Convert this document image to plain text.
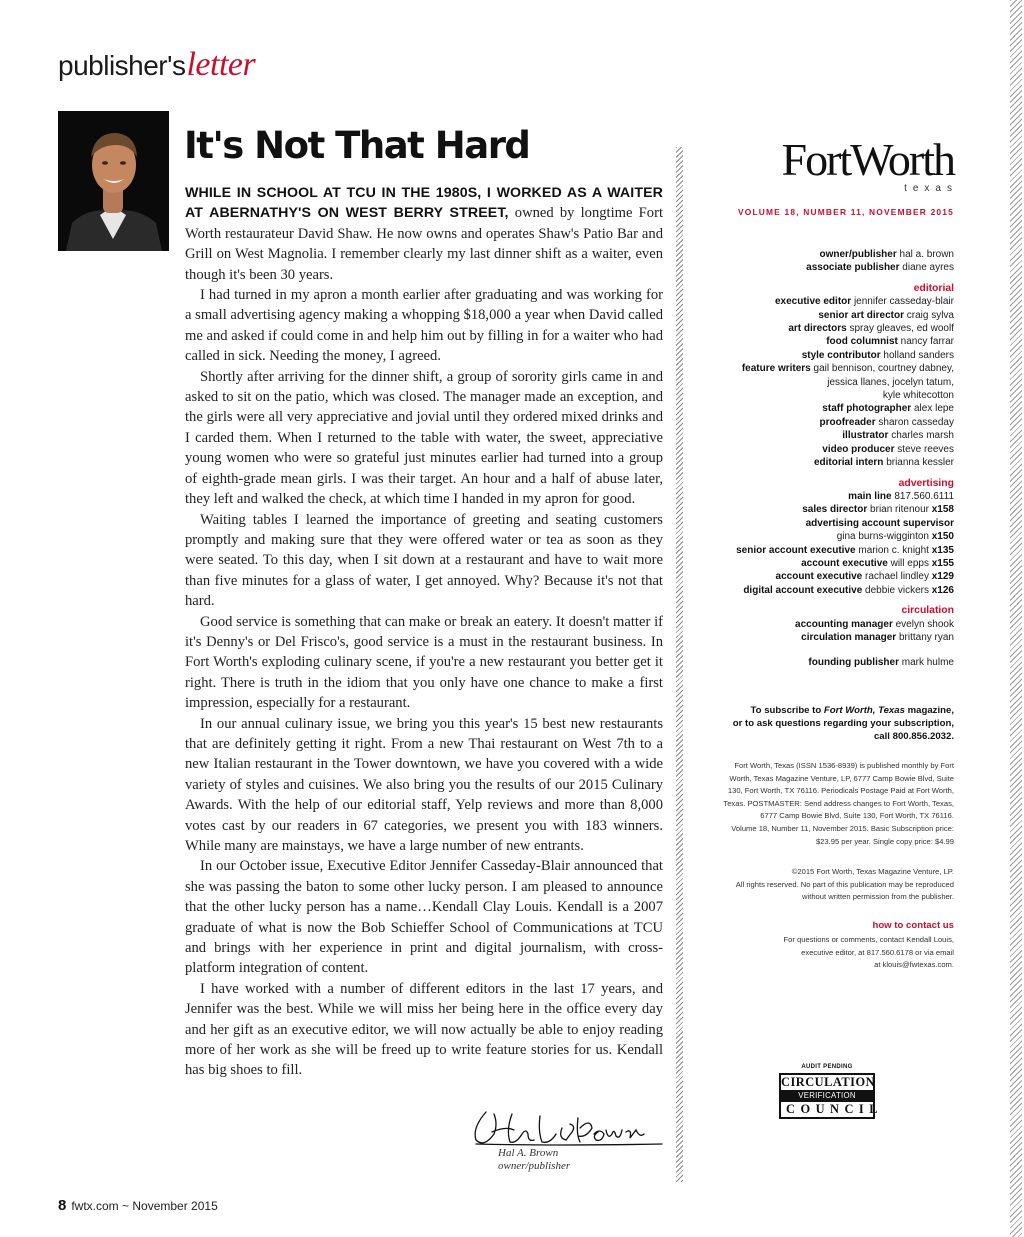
publisher'sletter
It's Not That Hard

WHILE IN SCHOOL AT TCU IN THE 1980S, I WORKED AS A WAITER AT ABERNATHY'S ON WEST BERRY STREET, owned by longtime Fort Worth restaurateur David Shaw. He now owns and operates Shaw's Patio Bar and Grill on West Magnolia. I remember clearly my last dinner shift as a waiter, even though it's been 30 years.

I had turned in my apron a month earlier after graduating and was working for a small advertising agency making a whopping $18,000 a year when David called me and asked if could come in and help him out by filling in for a waiter who had called in sick. Needing the money, I agreed.

Shortly after arriving for the dinner shift, a group of sorority girls came in and asked to sit on the patio, which was closed. The manager made an exception, and the girls were all very appreciative and jovial until they ordered mixed drinks and I carded them. When I returned to the table with water, the sweet, appreciative young women who were so grateful just minutes earlier had turned into a group of eighth-grade mean girls. I was their target. An hour and a half of abuse later, they left and walked the check, at which time I handed in my apron for good.

Waiting tables I learned the importance of greeting and seating customers promptly and making sure that they were offered water or tea as soon as they were seated. To this day, when I sit down at a restaurant and have to wait more than five minutes for a glass of water, I get annoyed. Why? Because it's not that hard.

Good service is something that can make or break an eatery. It doesn't matter if it's Denny's or Del Frisco's, good service is a must in the restaurant business. In Fort Worth's exploding culinary scene, if you're a new restaurant you better get it right. There is truth in the idiom that you only have one chance to make a first impression, especially for a restaurant.

In our annual culinary issue, we bring you this year's 15 best new restaurants that are definitely getting it right. From a new Thai restaurant on West 7th to a new Italian restaurant in the Tower downtown, we have you covered with a wide variety of styles and cuisines. We also bring you the results of our 2015 Culinary Awards. With the help of our editorial staff, Yelp reviews and more than 8,000 votes cast by our readers in 67 categories, we present you with 183 winners. While many are mainstays, we have a large number of new entrants.

In our October issue, Executive Editor Jennifer Casseday-Blair announced that she was passing the baton to some other lucky person. I am pleased to announce that the other lucky person has a name…Kendall Clay Louis. Kendall is a 2007 graduate of what is now the Bob Schieffer School of Communications at TCU and brings with her experience in print and digital journalism, with cross-platform integration of content.

I have worked with a number of different editors in the last 17 years, and Jennifer was the best. While we will miss her being here in the office every day and her gift as an executive editor, we will now actually be able to enjoy reading more of her work as she will be freed up to write feature stories for us. Kendall has big shoes to fill.

Hal A. Brown
owner/publisher
FortWorth
texas
VOLUME 18, NUMBER 11, NOVEMBER 2015
owner/publisher hal a. brown
associate publisher diane ayres
editorial
executive editor jennifer casseday-blair
senior art director craig sylva
art directors spray gleaves, ed woolf
food columnist nancy farrar
style contributor holland sanders
feature writers gail bennison, courtney dabney,
jessica llanes, jocelyn tatum,
kyle whitecotton
staff photographer alex lepe
proofreader sharon casseday
illustrator charles marsh
video producer steve reeves
editorial intern brianna kessler
advertising
main line 817.560.6111
sales director brian ritenour x158
advertising account supervisor
gina burns-wigginton x150
senior account executive marion c. knight x135
account executive will epps x155
account executive rachael lindley x129
digital account executive debbie vickers x126
circulation
accounting manager evelyn shook
circulation manager brittany ryan
founding publisher mark hulme
To subscribe to Fort Worth, Texas magazine,
or to ask questions regarding your subscription,
call 800.856.2032.
Fort Worth, Texas (ISSN 1536-8939) is published monthly by Fort
Worth, Texas Magazine Venture, LP, 6777 Camp Bowie Blvd, Suite
130, Fort Worth, TX 76116. Periodicals Postage Paid at Fort Worth,
Texas. POSTMASTER: Send address changes to Fort Worth, Texas,
6777 Camp Bowie Blvd, Suite 130, Fort Worth, TX 76116.
Volume 18, Number 11, November 2015. Basic Subscription price:
$23.95 per year. Single copy price: $4.99
©2015 Fort Worth, Texas Magazine Venture, LP.
All rights reserved. No part of this publication may be reproduced
without written permission from the publisher.
how to contact us
For questions or comments, contact Kendall Louis,
executive editor, at 817.560.6178 or via email
at klouis@fwtexas.com.
AUDIT PENDING
CIRCULATION
VERIFICATION
COUNCIL
8 fwtx.com ~ November 2015
